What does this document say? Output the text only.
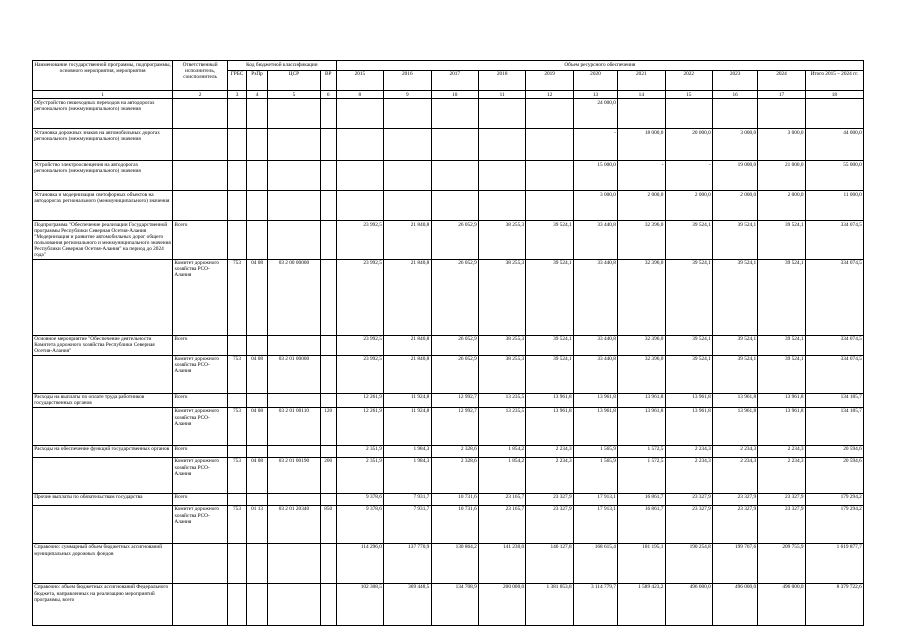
Наименование государственной программы, подпрограммы, основного мероприятия, мероприятия	Ответственный исполнитель, соисполнитель	Код бюджетной классификации				Объем ресурсного обеспечения										
		ГРБС	РзПр	ЦСР	ВР	2015	2016	2017	2018	2019	2020	2021	2022	2023	2024	Итого 2015 – 2024 гг.
1	2	3	4	5	6	8	9	10	11	12	13	14	15	16	17	18
Обустройство пешеходных переходов на автодорогах регионального (межмуниципального) значения											24 000,0					
Установка дорожных знаков на автомобильных дорогах регионального (межмуниципального) значения											-	18 000,0	20 000,0	3 000,0	3 000,0	44 000,0
Устройство электроосвещения на автодорогах регионального (межмуниципального) значения											15 000,0	-	-	19 000,0	21 000,0	55 000,0
Установка и модернизация светофорных объектов на автодорогах регионального (межмуниципального) значения											3 000,0	2 000,0	2 000,0	2 000,0	2 000,0	11 000,0
Подпрограмма "Обеспечение реализации Государственной программы Республики Северная Осетия-Алания "Модернизация и развитие автомобильных дорог общего пользования регионального и межмуниципального значения Республики Северная Осетия-Алания" на период до 2024 года"	Всего					23 992,5	21 840,8	26 052,9	38 255,3	39 524,1	33 440,8	32 396,0	39 524,1	39 524,1	39 524,1	334 074,5
	Комитет дорожного хозяйства РСО-Алания	753	04 08	03 2 00 00000		23 992,5	21 840,8	26 052,9	38 255,3	39 524,1	33 440,8	32 396,0	39 524,1	39 524,1	39 524,1	334 074,5
Основное мероприятие "Обеспечение деятельности Комитета дорожного хозяйства Республики Северная Осетия-Алания"	Всего					23 992,5	21 840,8	26 052,9	38 255,3	39 524,1	33 440,8	32 396,0	39 524,1	39 524,1	39 524,1	334 074,5
	Комитет дорожного хозяйства РСО-Алания	753	04 08	03 2 01 00000		23 992,5	21 840,8	26 052,9	38 255,3	39 524,1	33 440,8	32 396,0	39 524,1	39 524,1	39 524,1	334 074,5
Расходы на выплаты по оплате труда работников государственных органов	Всего					12 261,9	11 924,8	12 992,7	13 235,5	13 961,8	13 961,8	13 961,8	13 961,8	13 961,8	13 961,8	134 185,7
	Комитет дорожного хозяйства РСО-Алания	753	04 08	03 2 01 00110	120	12 261,9	11 924,8	12 992,7	13 235,5	13 961,8	13 961,8	13 961,8	13 961,8	13 961,8	13 961,8	134 185,7
Расходы на обеспечение функций государственных органов	Всего					2 351,9	1 984,3	2 328,6	1 854,2	2 234,3	1 565,9	1 572,5	2 234,3	2 234,3	2 234,3	20 594,6
	Комитет дорожного хозяйства РСО-Алания	753	04 08	03 2 01 00190	200	2 351,9	1 984,3	2 328,6	1 854,2	2 234,3	1 565,9	1 572,5	2 234,3	2 234,3	2 234,3	20 594,6
Прочие выплаты по обязательствам государства	Всего					9 378,6	7 931,7	10 731,6	23 165,7	23 327,9	17 913,1	16 861,7	23 327,9	23 327,9	23 327,9	179 294,2
	Комитет дорожного хозяйства РСО-Алания	753	01 13	03 2 01 20340	850	9 378,6	7 931,7	10 731,6	23 165,7	23 327,9	17 913,1	16 861,7	23 327,9	23 327,9	23 327,9	179 294,2
Справочно: суммарный объем бюджетных ассигнований муниципальных дорожных фондов						114 296,0	137 770,9	130 864,2	141 230,0	146 127,8	168 615,4	181 195,1	190 254,8	199 767,6	209 755,9	1 619 877,7
Справочно: объем бюджетных ассигнований Федерального бюджета, направленных на реализацию мероприятий программы, всего						102 308,5	369 448,5	134 708,9	200 000,0	1 381 053,8	3 114 779,7	1 589 423,2	496 000,0	496 000,0	496 000,0	8 379 722,6
